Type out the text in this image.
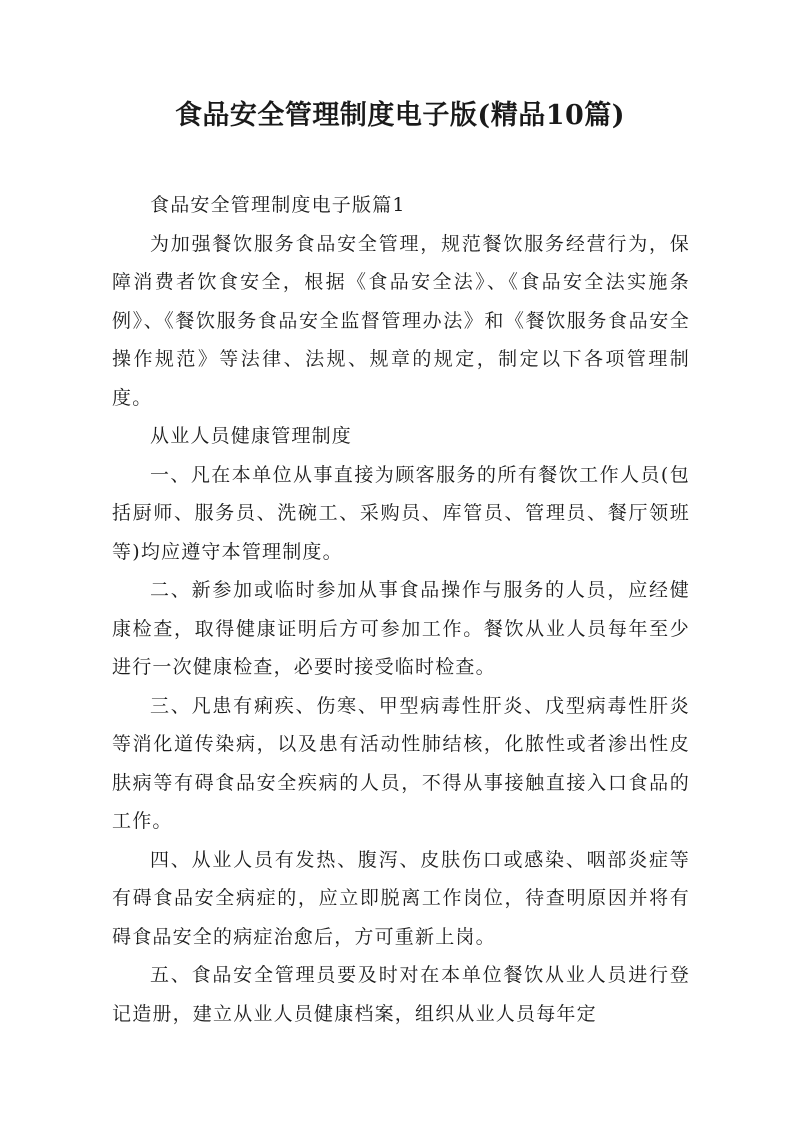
食品安全管理制度电子版(精品10篇)

食品安全管理制度电子版篇1

为加强餐饮服务食品安全管理，规范餐饮服务经营行为，保障消费者饮食安全，根据《食品安全法》、《食品安全法实施条例》、《餐饮服务食品安全监督管理办法》和《餐饮服务食品安全操作规范》等法律、法规、规章的规定，制定以下各项管理制度。

从业人员健康管理制度

一、凡在本单位从事直接为顾客服务的所有餐饮工作人员(包括厨师、服务员、洗碗工、采购员、库管员、管理员、餐厅领班等)均应遵守本管理制度。

二、新参加或临时参加从事食品操作与服务的人员，应经健康检查，取得健康证明后方可参加工作。餐饮从业人员每年至少进行一次健康检查，必要时接受临时检查。

三、凡患有痢疾、伤寒、甲型病毒性肝炎、戊型病毒性肝炎等消化道传染病，以及患有活动性肺结核，化脓性或者渗出性皮肤病等有碍食品安全疾病的人员，不得从事接触直接入口食品的工作。

四、从业人员有发热、腹泻、皮肤伤口或感染、咽部炎症等有碍食品安全病症的，应立即脱离工作岗位，待查明原因并将有碍食品安全的病症治愈后，方可重新上岗。

五、食品安全管理员要及时对在本单位餐饮从业人员进行登记造册，建立从业人员健康档案，组织从业人员每年定
